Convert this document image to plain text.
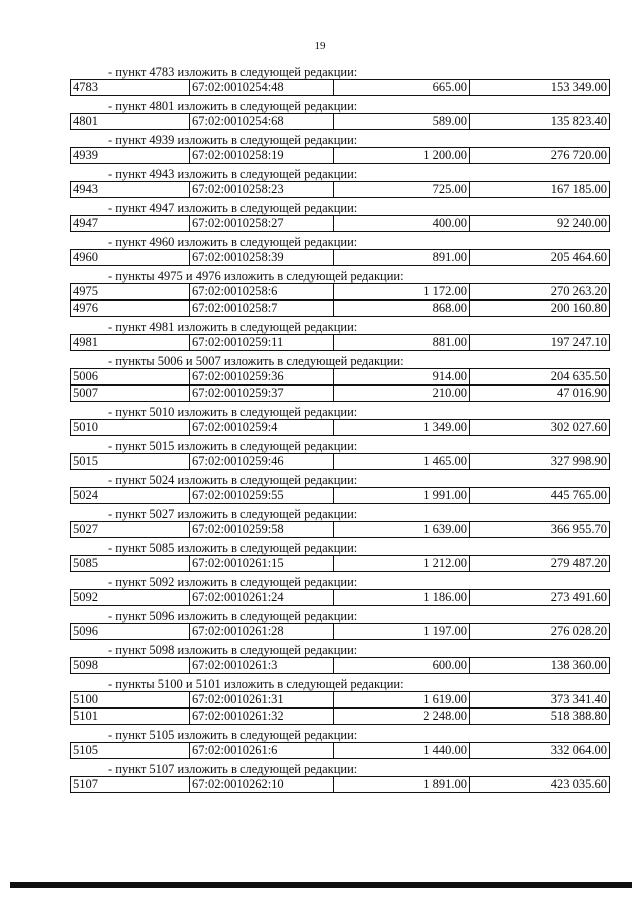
19
- пункт 4783 изложить в следующей редакции:
4783	67:02:0010254:48	665.00	153 349.00
- пункт 4801 изложить в следующей редакции:
4801	67:02:0010254:68	589.00	135 823.40
- пункт 4939 изложить в следующей редакции:
4939	67:02:0010258:19	1 200.00	276 720.00
- пункт 4943 изложить в следующей редакции:
4943	67:02:0010258:23	725.00	167 185.00
- пункт 4947 изложить в следующей редакции:
4947	67:02:0010258:27	400.00	92 240.00
- пункт 4960 изложить в следующей редакции:
4960	67:02:0010258:39	891.00	205 464.60
- пункты 4975 и 4976 изложить в следующей редакции:
4975	67:02:0010258:6	1 172.00	270 263.20
4976	67:02:0010258:7	868.00	200 160.80
- пункт 4981 изложить в следующей редакции:
4981	67:02:0010259:11	881.00	197 247.10
- пункты 5006 и 5007 изложить в следующей редакции:
5006	67:02:0010259:36	914.00	204 635.50
5007	67:02:0010259:37	210.00	47 016.90
- пункт 5010 изложить в следующей редакции:
5010	67:02:0010259:4	1 349.00	302 027.60
- пункт 5015 изложить в следующей редакции:
5015	67:02:0010259:46	1 465.00	327 998.90
- пункт 5024 изложить в следующей редакции:
5024	67:02:0010259:55	1 991.00	445 765.00
- пункт 5027 изложить в следующей редакции:
5027	67:02:0010259:58	1 639.00	366 955.70
- пункт 5085 изложить в следующей редакции:
5085	67:02:0010261:15	1 212.00	279 487.20
- пункт 5092 изложить в следующей редакции:
5092	67:02:0010261:24	1 186.00	273 491.60
- пункт 5096 изложить в следующей редакции:
5096	67:02:0010261:28	1 197.00	276 028.20
- пункт 5098 изложить в следующей редакции:
5098	67:02:0010261:3	600.00	138 360.00
- пункты 5100 и 5101 изложить в следующей редакции:
5100	67:02:0010261:31	1 619.00	373 341.40
5101	67:02:0010261:32	2 248.00	518 388.80
- пункт 5105 изложить в следующей редакции:
5105	67:02:0010261:6	1 440.00	332 064.00
- пункт 5107 изложить в следующей редакции:
5107	67:02:0010262:10	1 891.00	423 035.60
